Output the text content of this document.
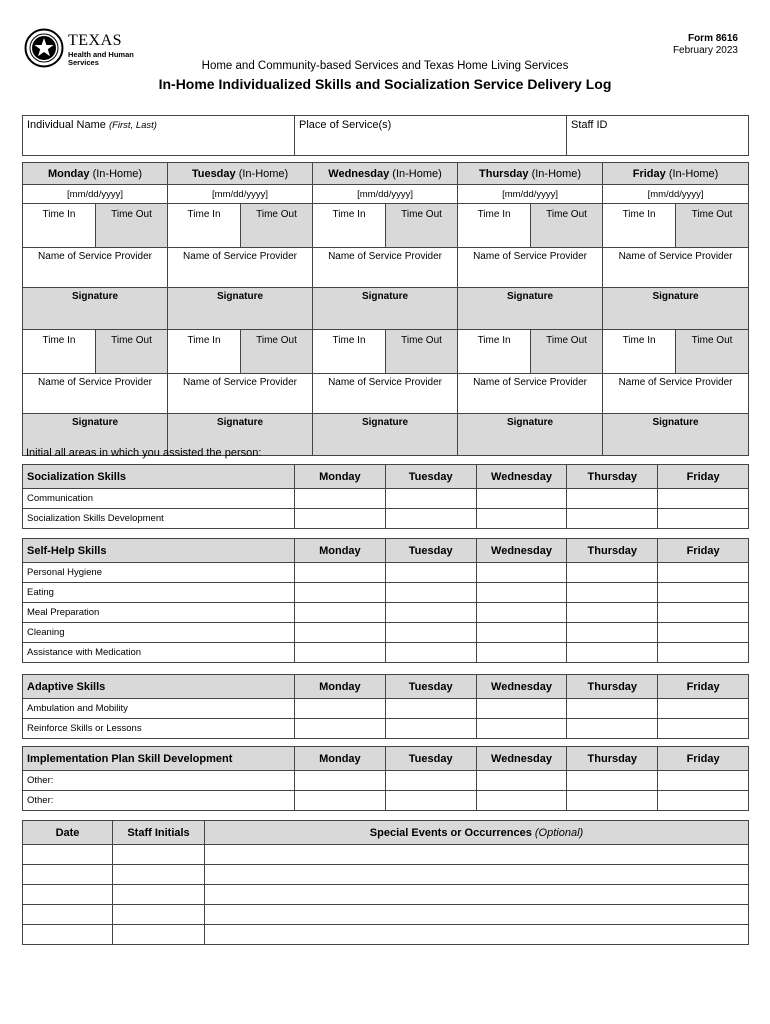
TEXAS
Health and Human Services
Form 8616
February 2023
Home and Community-based Services and Texas Home Living Services
In-Home Individualized Skills and Socialization Service Delivery Log
Individual Name (First, Last)	Place of Service(s)	Staff ID
Monday (In-Home)		Tuesday (In-Home)		Wednesday (In-Home)		Thursday (In-Home)		Friday (In-Home)	
[mm/dd/yyyy]		[mm/dd/yyyy]		[mm/dd/yyyy]		[mm/dd/yyyy]		[mm/dd/yyyy]	
Time In	Time Out	Time In	Time Out	Time In	Time Out	Time In	Time Out	Time In	Time Out
Name of Service Provider		Name of Service Provider		Name of Service Provider		Name of Service Provider		Name of Service Provider	
Signature		Signature		Signature		Signature		Signature	
Time In	Time Out	Time In	Time Out	Time In	Time Out	Time In	Time Out	Time In	Time Out
Name of Service Provider		Name of Service Provider		Name of Service Provider		Name of Service Provider		Name of Service Provider	
Signature		Signature		Signature		Signature		Signature	
Initial all areas in which you assisted the person:
Socialization Skills	Monday	Tuesday	Wednesday	Thursday	Friday
Communication					
Socialization Skills Development					
Self-Help Skills	Monday	Tuesday	Wednesday	Thursday	Friday
Personal Hygiene					
Eating					
Meal Preparation					
Cleaning					
Assistance with Medication					
Adaptive Skills	Monday	Tuesday	Wednesday	Thursday	Friday
Ambulation and Mobility					
Reinforce Skills or Lessons					
Implementation Plan Skill Development	Monday	Tuesday	Wednesday	Thursday	Friday
Other:					
Other:					
Date	Staff Initials	Special Events or Occurrences (Optional)
